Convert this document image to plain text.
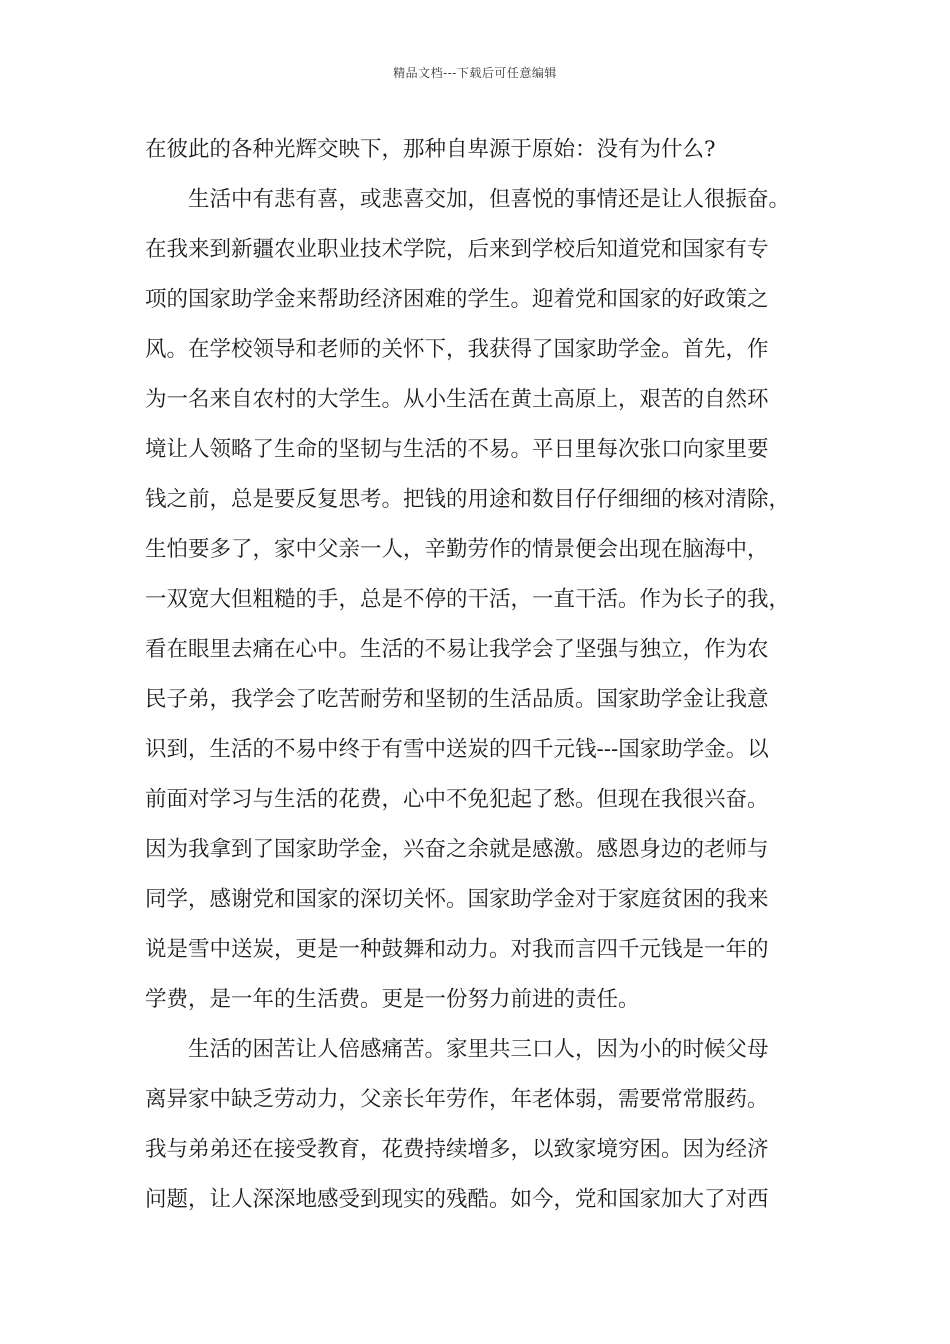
精品文档---下载后可任意编辑
在彼此的各种光辉交映下，那种自卑源于原始：没有为什么?
　　生活中有悲有喜，或悲喜交加，但喜悦的事情还是让人很振奋。
在我来到新疆农业职业技术学院，后来到学校后知道党和国家有专
项的国家助学金来帮助经济困难的学生。迎着党和国家的好政策之
风。在学校领导和老师的关怀下，我获得了国家助学金。首先，作
为一名来自农村的大学生。从小生活在黄土高原上，艰苦的自然环
境让人领略了生命的坚韧与生活的不易。平日里每次张口向家里要
钱之前，总是要反复思考。把钱的用途和数目仔仔细细的核对清除，
生怕要多了，家中父亲一人，辛勤劳作的情景便会出现在脑海中，
一双宽大但粗糙的手，总是不停的干活，一直干活。作为长子的我，
看在眼里去痛在心中。生活的不易让我学会了坚强与独立，作为农
民子弟，我学会了吃苦耐劳和坚韧的生活品质。国家助学金让我意
识到，生活的不易中终于有雪中送炭的四千元钱---国家助学金。以
前面对学习与生活的花费，心中不免犯起了愁。但现在我很兴奋。
因为我拿到了国家助学金，兴奋之余就是感激。感恩身边的老师与
同学，感谢党和国家的深切关怀。国家助学金对于家庭贫困的我来
说是雪中送炭，更是一种鼓舞和动力。对我而言四千元钱是一年的
学费，是一年的生活费。更是一份努力前进的责任。
　　生活的困苦让人倍感痛苦。家里共三口人，因为小的时候父母
离异家中缺乏劳动力，父亲长年劳作，年老体弱，需要常常服药。
我与弟弟还在接受教育，花费持续增多，以致家境穷困。因为经济
问题，让人深深地感受到现实的残酷。如今，党和国家加大了对西
